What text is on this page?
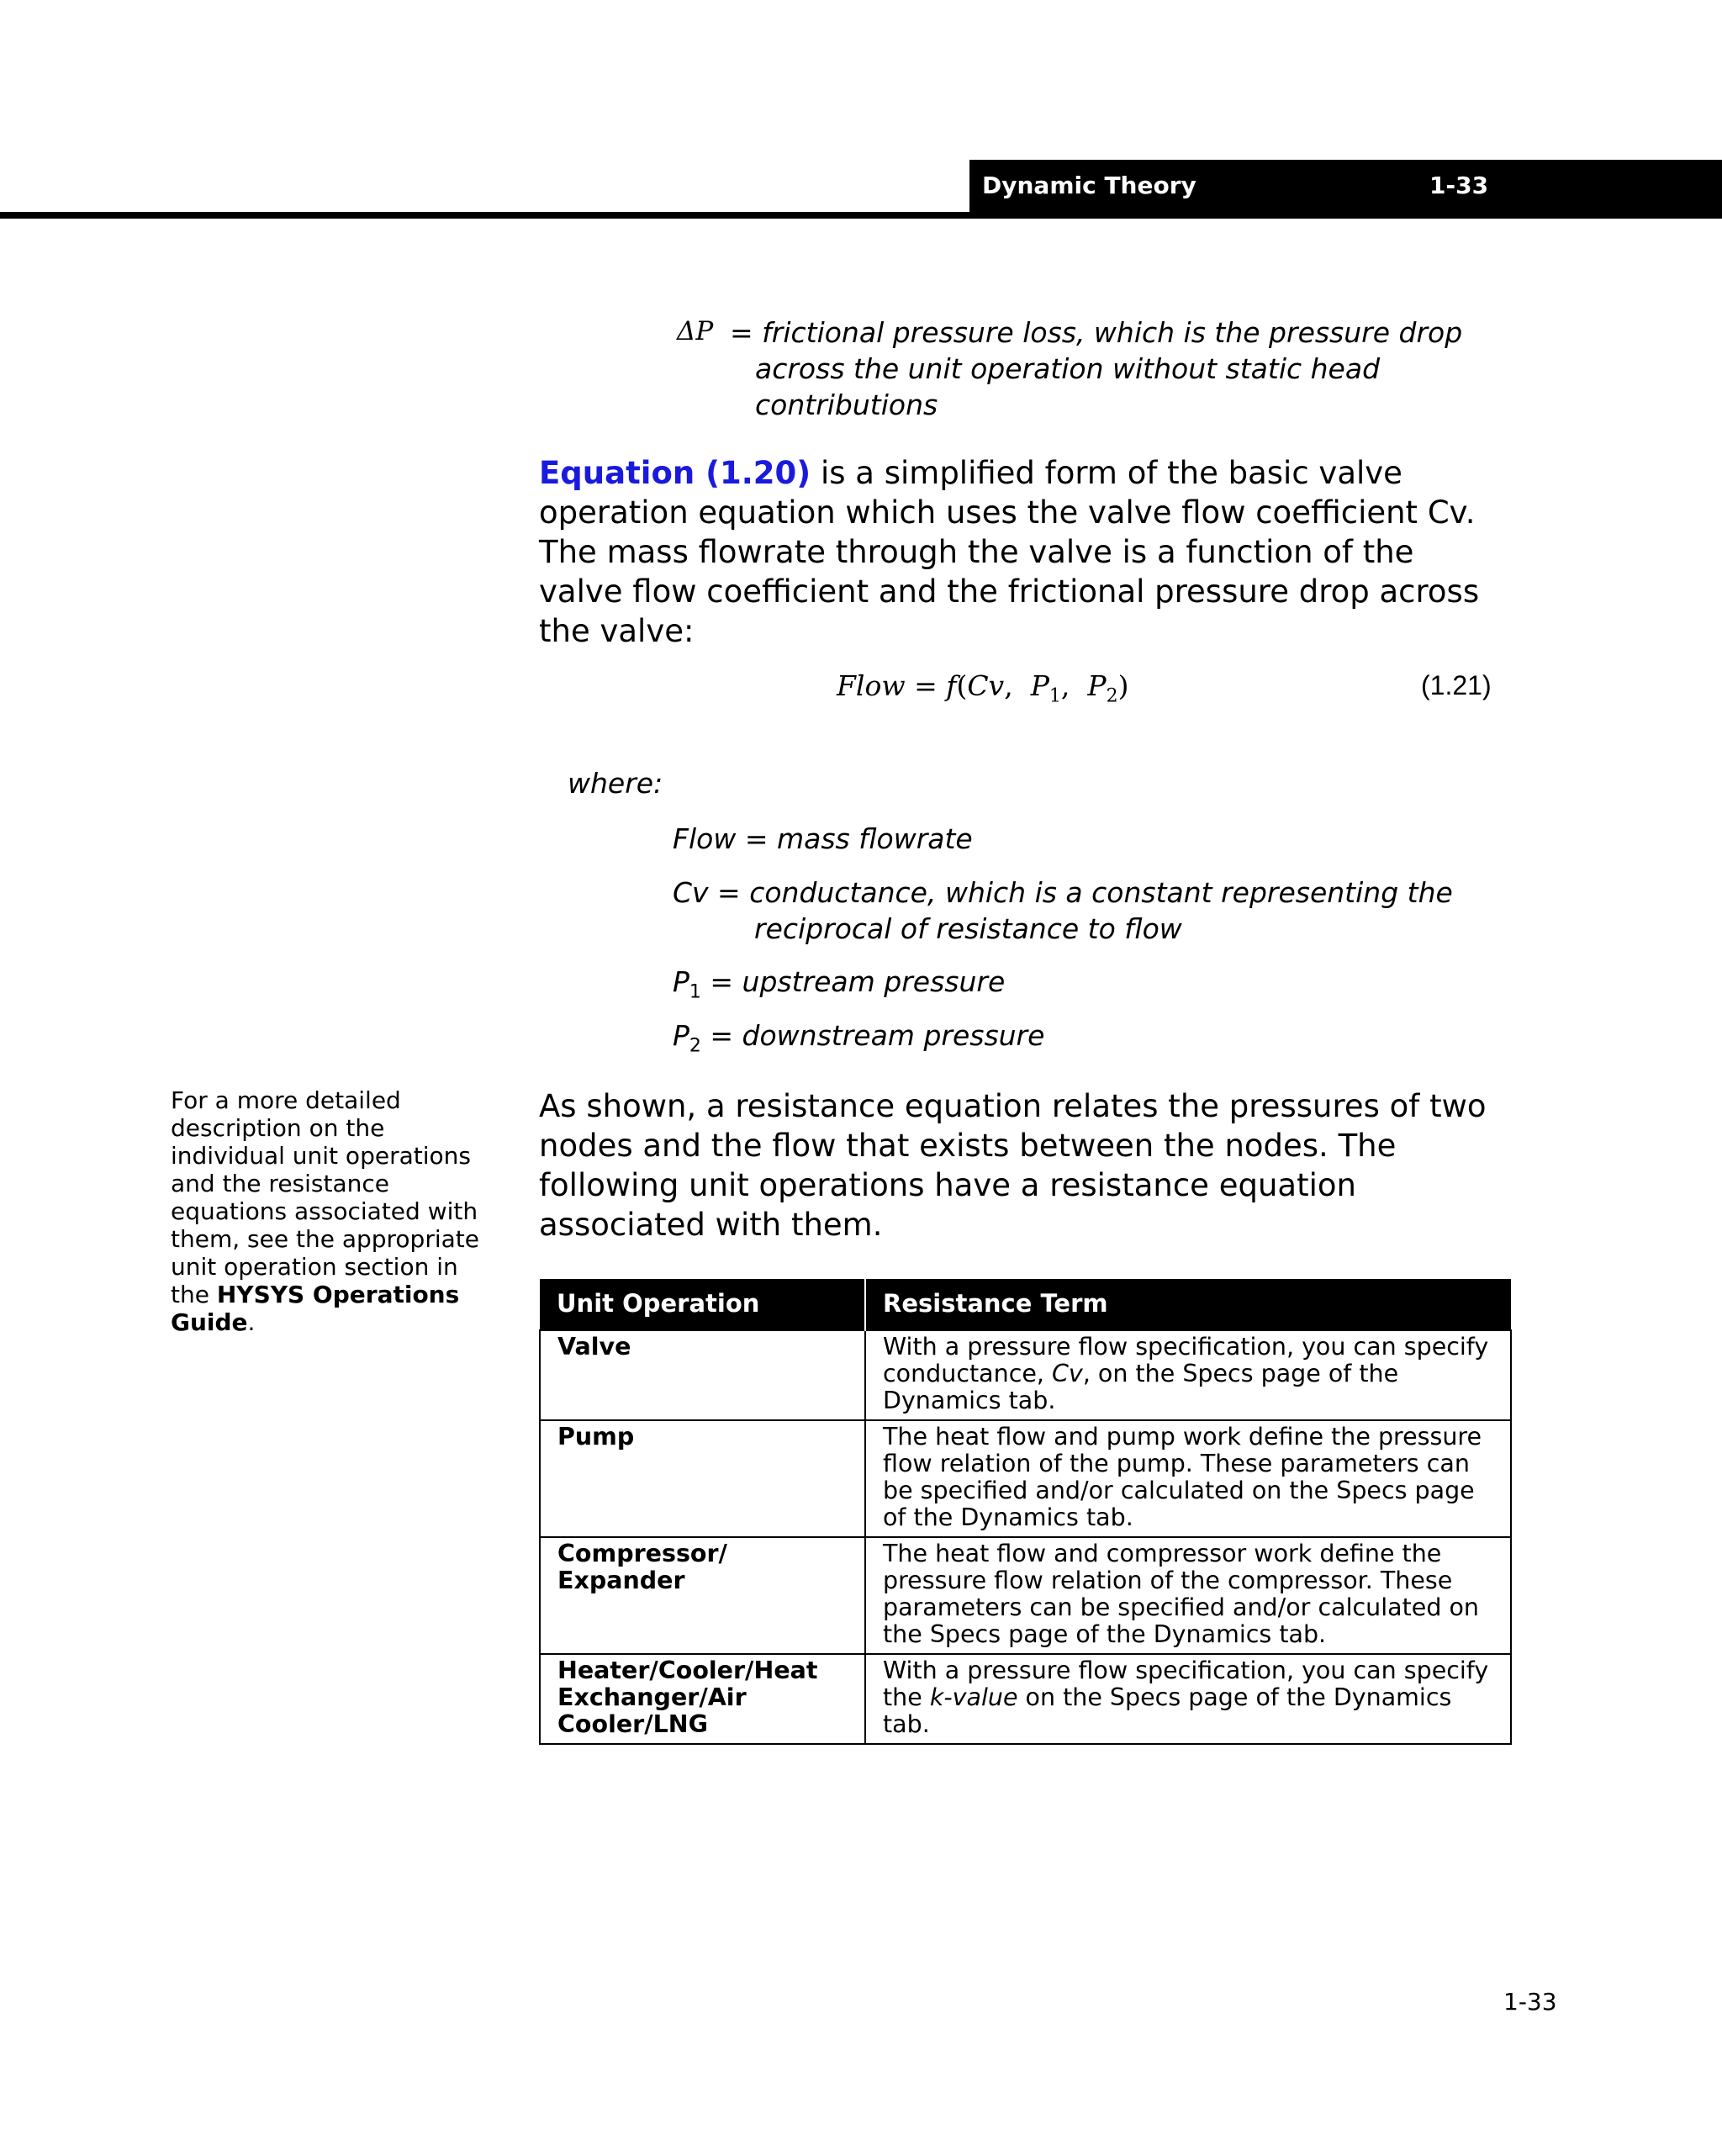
Dynamic Theory	1-33
ΔP = frictional pressure loss, which is the pressure drop
across the unit operation without static head
contributions
Equation (1.20) is a simplified form of the basic valve operation equation which uses the valve flow coefficient Cv. The mass flowrate through the valve is a function of the valve flow coefficient and the frictional pressure drop across the valve:
Flow = f(Cv,  $P_1$,  $P_2$)	(1.21)
where:
Flow = mass flowrate
Cv = conductance, which is a constant representing the
reciprocal of resistance to flow
$P_1$ = upstream pressure
$P_2$ = downstream pressure
As shown, a resistance equation relates the pressures of two nodes and the flow that exists between the nodes. The following unit operations have a resistance equation associated with them.
For a more detailed description on the individual unit operations and the resistance equations associated with them, see the appropriate unit operation section in the HYSYS Operations Guide.
Unit Operation	Resistance Term
Valve	With a pressure flow specification, you can specify conductance, Cv, on the Specs page of the Dynamics tab.
Pump	The heat flow and pump work define the pressure flow relation of the pump. These parameters can be specified and/or calculated on the Specs page of the Dynamics tab.
Compressor/ Expander	The heat flow and compressor work define the pressure flow relation of the compressor. These parameters can be specified and/or calculated on the Specs page of the Dynamics tab.
Heater/Cooler/Heat Exchanger/Air Cooler/LNG	With a pressure flow specification, you can specify the k-value on the Specs page of the Dynamics tab.
1-33
